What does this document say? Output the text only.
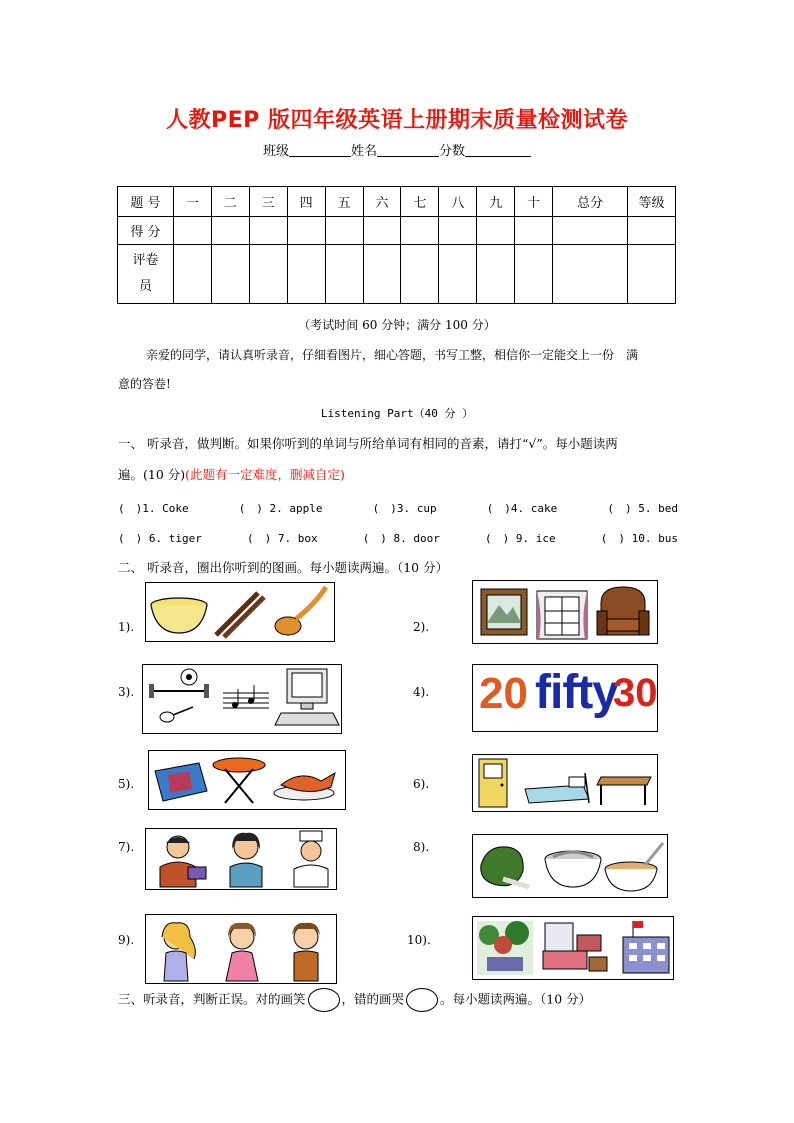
人教PEP 版四年级英语上册期末质量检测试卷
班级	姓名	分数
题 号	一	二	三	四	五	六	七	八	九	十	总分	等级
得 分												
评卷员												
（考试时间 60 分钟；满分 100 分）
亲爱的同学，请认真听录音，仔细看图片，细心答题，书写工整，相信你一定能交上一份　满
意的答卷!
Listening Part（40 分 ）
一、 听录音，做判断。如果你听到的单词与所给单词有相同的音素，请打“√”。每小题读两
遍。(10 分)(此题有一定难度，删减自定)
(　)1. Coke	(　) 2. apple	(　)3. cup	(　)4. cake	(　) 5. bed
(　) 6. tiger	(　) 7. box	(　) 8. door	(　) 9. ice	(　) 10. bus
二、 听录音，圈出你听到的图画。每小题读两遍。（10 分）
1).	2).
3).	4).
5).	6).
7).	8).
9).	10).
20 fifty
30
三、听录音，判断正误。对的画笑	，错的画哭	。每小题读两遍。（10 分）
